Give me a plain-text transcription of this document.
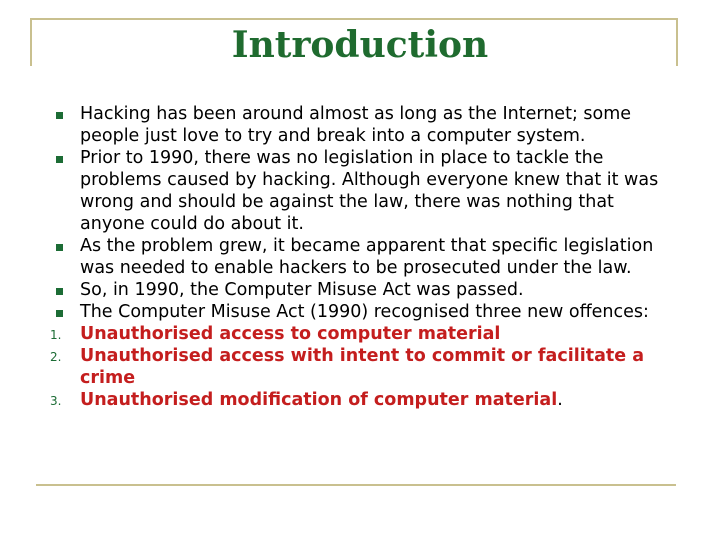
Introduction
Hacking has been around almost as long as the Internet; some people just love to try and break into a computer system.
Prior to 1990, there was no legislation in place to tackle the problems caused by hacking. Although everyone knew that it was wrong and should be against the law, there was nothing that anyone could do about it.
As the problem grew, it became apparent that specific legislation was needed to enable hackers to be prosecuted under the law.
So, in 1990, the Computer Misuse Act was passed.
The Computer Misuse Act (1990) recognised three new offences:
1. Unauthorised access to computer material
2. Unauthorised access with intent to commit or facilitate a crime
3. Unauthorised modification of computer material.
